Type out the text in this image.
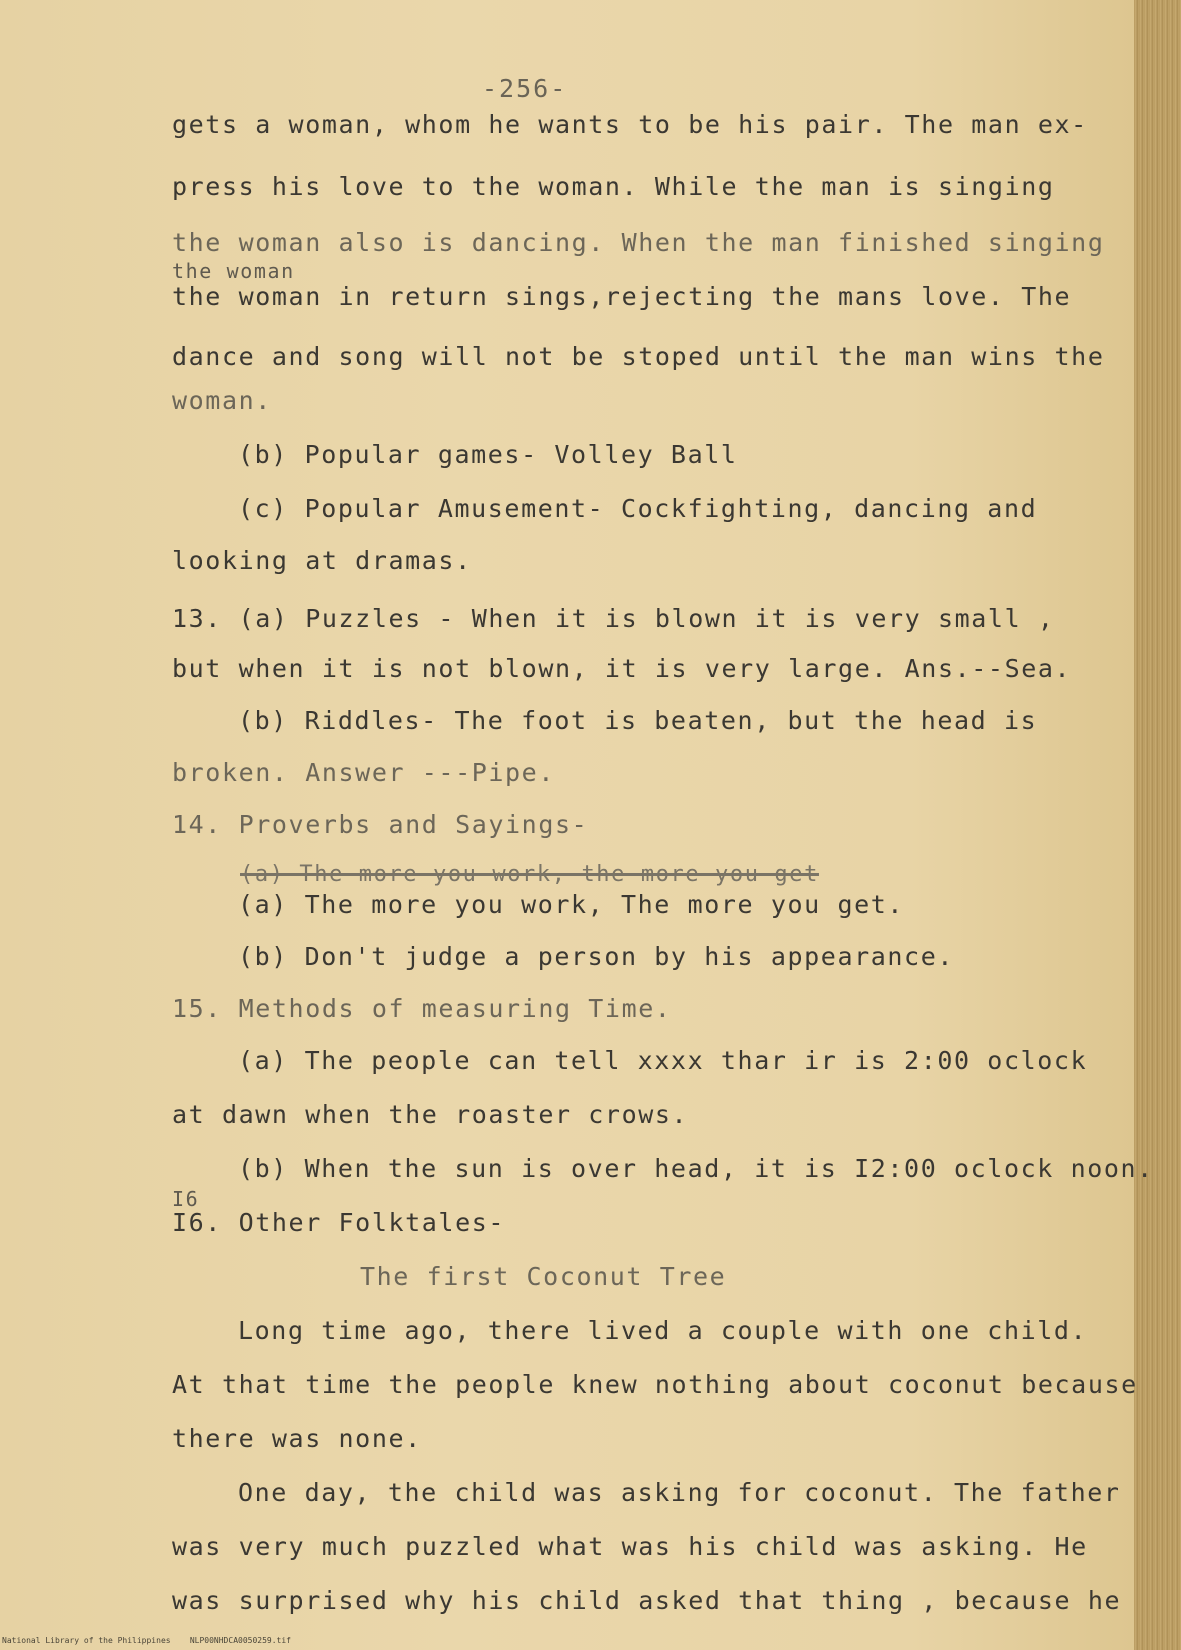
-256-
gets a woman, whom he wants to be his pair. The man ex-
press his love to the woman. While the man is singing
the woman also is dancing. When the man finished singing
the woman
the woman in return sings,rejecting the mans love. The
dance and song will not be stoped until the man wins the
woman.
(b) Popular games- Volley Ball
(c) Popular Amusement- Cockfighting, dancing and
looking at dramas.
13. (a) Puzzles - When it is blown it is very small ,
but when it is not blown, it is very large. Ans.--Sea.
(b) Riddles- The foot is beaten, but the head is
broken. Answer ---Pipe.
14. Proverbs and Sayings-
(a) The more you work, the more you get
(a) The more you work, The more you get.
(b) Don't judge a person by his appearance.
15. Methods of measuring Time.
(a) The people can tell xxxx thar ir is 2:00 oclock
at dawn when the roaster crows.
(b) When the sun is over head, it is I2:00 oclock noon.
I6
I6. Other Folktales-
The first Coconut Tree
Long time ago, there lived a couple with one child.
At that time the people knew nothing about coconut because
there was none.
One day, the child was asking for coconut. The father
was very much puzzled what was his child was asking. He
was surprised why his child asked that thing , because he
National Library of the Philippines    NLP00NHDCA0050259.tif
